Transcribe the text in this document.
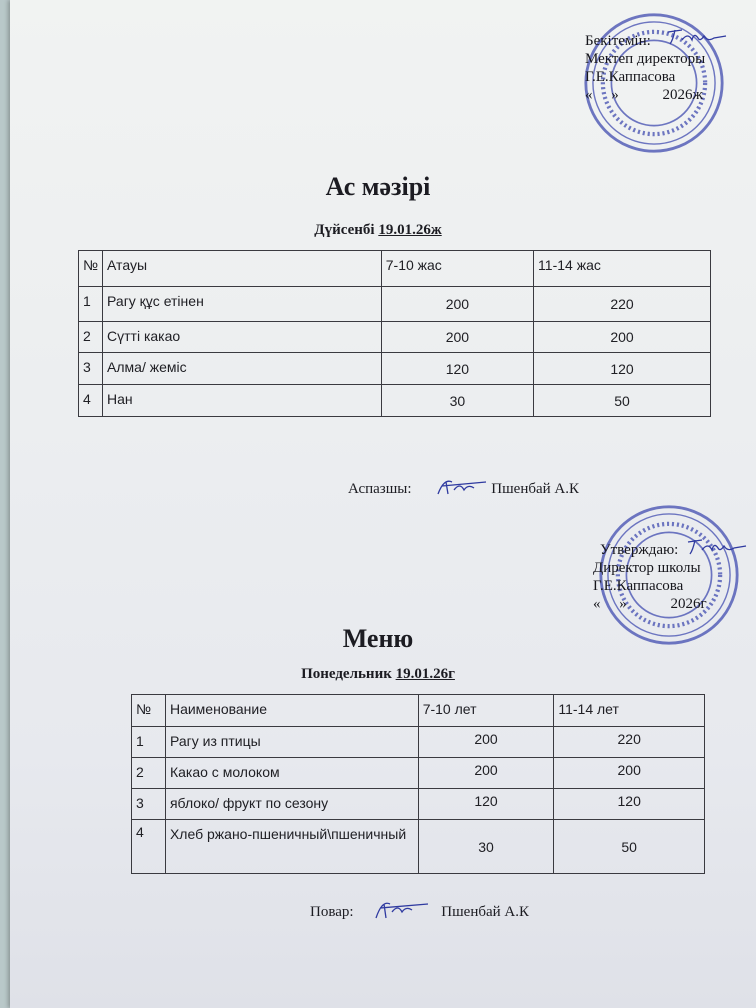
Бекітемін:
Мектеп директоры
Г.Е.Каппасова
«     »	2026ж
Ас мәзірі
Дүйсенбі 19.01.26ж
№	Атауы	7-10 жас	11-14 жас
1	Рагу құс етінен	200	220
2	Сүтті какао	200	200
3	Алма/ жеміс	120	120
4	Нан	30	50
Аспазшы:	Пшенбай А.К
Утверждаю:
Директор школы
Г.Е.Каппасова
«     »	2026г
Меню
Понедельник 19.01.26г
№	Наименование	7-10 лет	11-14 лет
1	Рагу из птицы	200	220
2	Какао с молоком	200	200
3	яблоко/ фрукт по сезону	120	120
4	Хлеб ржано-пшеничный\пшеничный	30	50
Повар:	Пшенбай А.К
